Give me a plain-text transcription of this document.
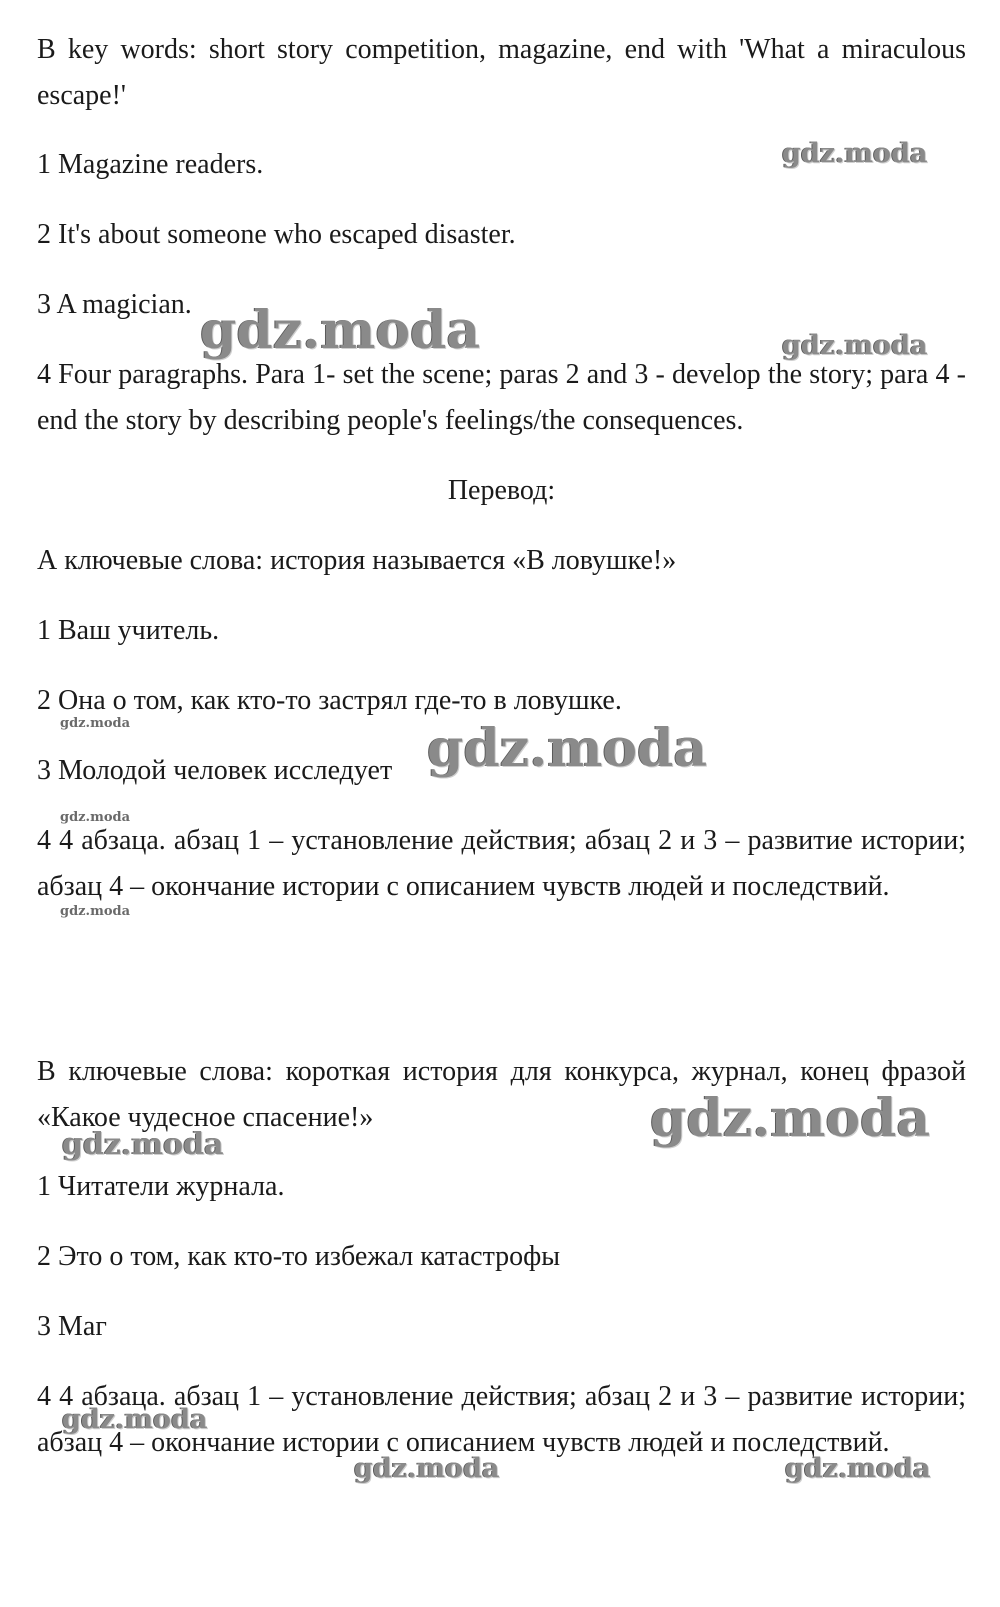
B key words: short story competition, magazine, end with 'What a miraculous escape!'
1 Magazine readers.
2 It's about someone who escaped disaster.
3 A magician.
4 Four paragraphs. Para 1- set the scene; paras 2 and 3 - develop the story; para 4 - end the story by describing people's feelings/the consequences.
Перевод:
А ключевые слова: история называется «В ловушке!»
1 Ваш учитель.
2 Она о том, как кто-то застрял где-то в ловушке.
3 Молодой человек исследует
4 4 абзаца. абзац 1 – установление действия; абзац 2 и 3 – развитие истории; абзац 4 – окончание истории с описанием чувств людей и последствий.
В ключевые слова: короткая история для конкурса, журнал, конец фразой «Какое чудесное спасение!»
1 Читатели журнала.
2 Это о том, как кто-то избежал катастрофы
3 Маг
4 4 абзаца. абзац 1 – установление действия; абзац 2 и 3 – развитие истории; абзац 4 – окончание истории с описанием чувств людей и последствий.
gdz.moda
gdz.moda	gdz.moda
gdz.moda	gdz.moda
gdz.moda
gdz.moda
gdz.moda
gdz.moda
gdz.moda
gdz.moda	gdz.moda
